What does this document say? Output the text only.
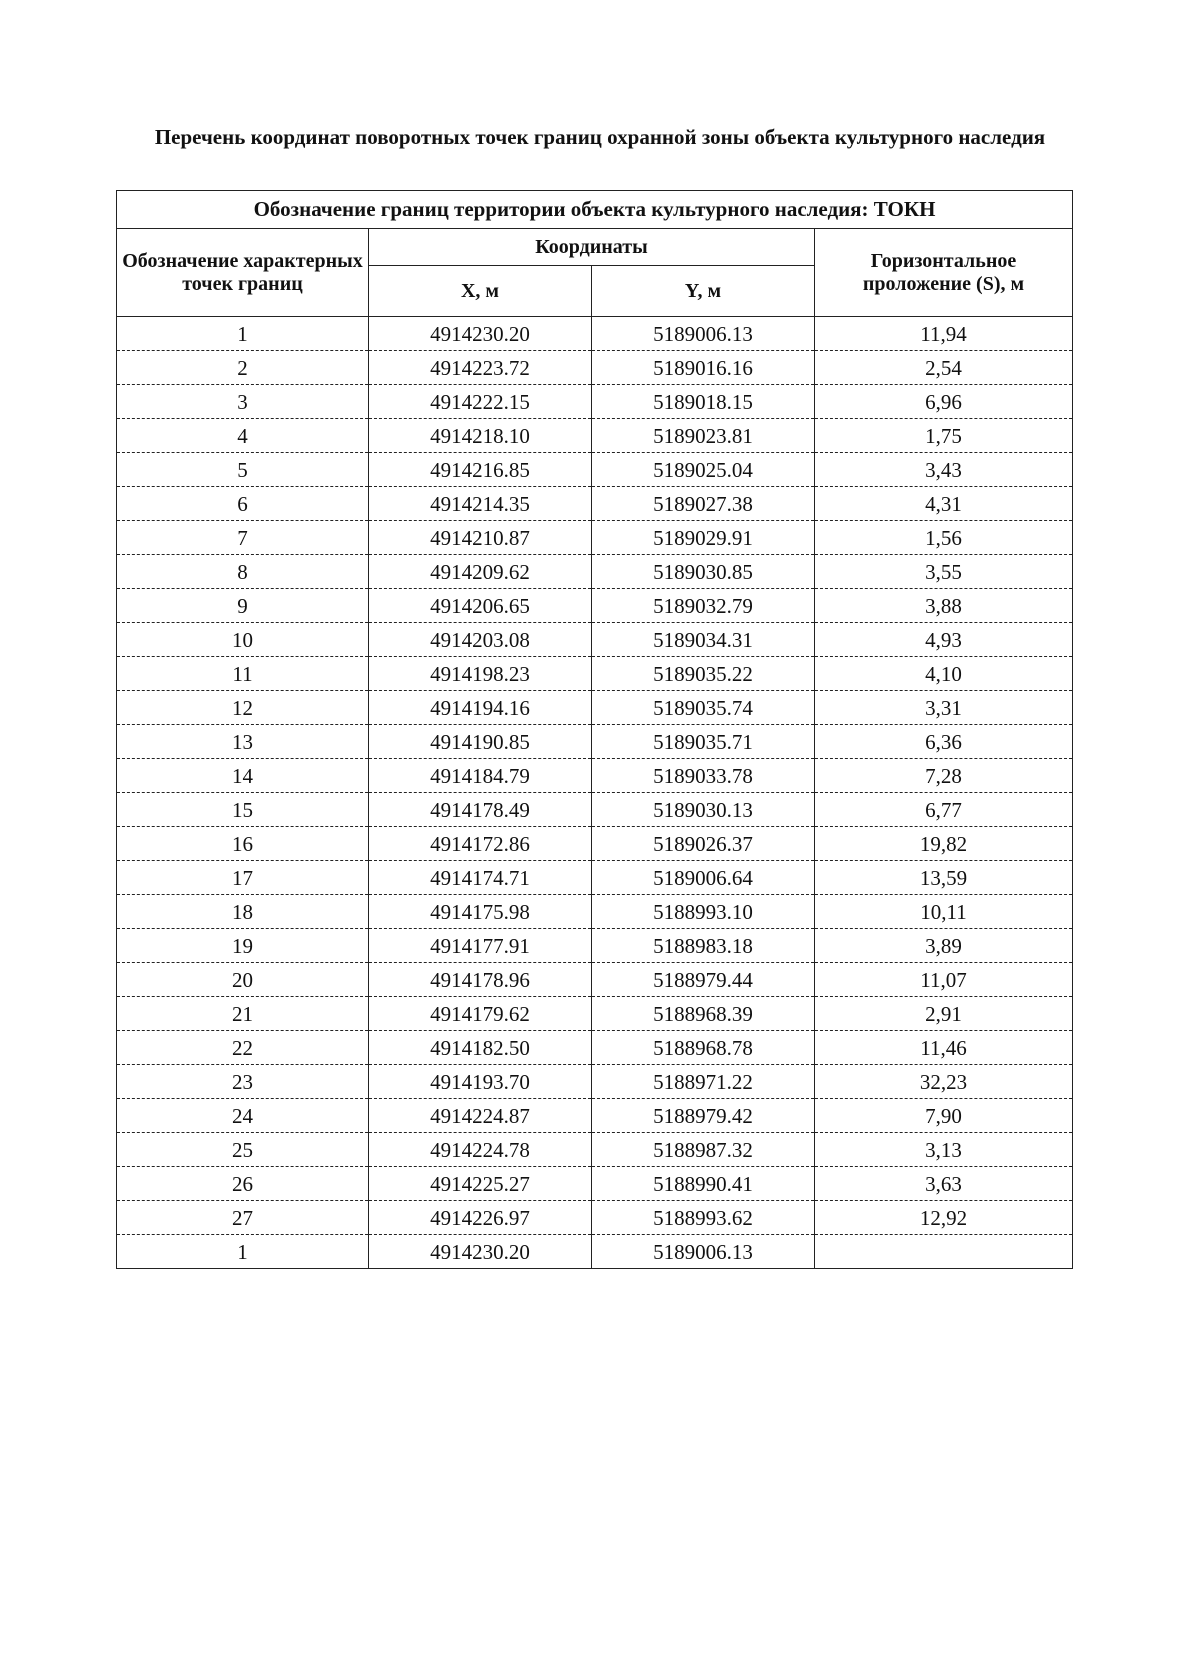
Перечень координат поворотных точек границ охранной зоны объекта культурного наследия
Обозначение границ территории объекта культурного наследия: ТОКН			
Обозначение характерных точек границ	Координаты		Горизонтальное проложение (S), м
	X, м	Y, м	
1	4914230.20	5189006.13	11,94
2	4914223.72	5189016.16	2,54
3	4914222.15	5189018.15	6,96
4	4914218.10	5189023.81	1,75
5	4914216.85	5189025.04	3,43
6	4914214.35	5189027.38	4,31
7	4914210.87	5189029.91	1,56
8	4914209.62	5189030.85	3,55
9	4914206.65	5189032.79	3,88
10	4914203.08	5189034.31	4,93
11	4914198.23	5189035.22	4,10
12	4914194.16	5189035.74	3,31
13	4914190.85	5189035.71	6,36
14	4914184.79	5189033.78	7,28
15	4914178.49	5189030.13	6,77
16	4914172.86	5189026.37	19,82
17	4914174.71	5189006.64	13,59
18	4914175.98	5188993.10	10,11
19	4914177.91	5188983.18	3,89
20	4914178.96	5188979.44	11,07
21	4914179.62	5188968.39	2,91
22	4914182.50	5188968.78	11,46
23	4914193.70	5188971.22	32,23
24	4914224.87	5188979.42	7,90
25	4914224.78	5188987.32	3,13
26	4914225.27	5188990.41	3,63
27	4914226.97	5188993.62	12,92
1	4914230.20	5189006.13	
